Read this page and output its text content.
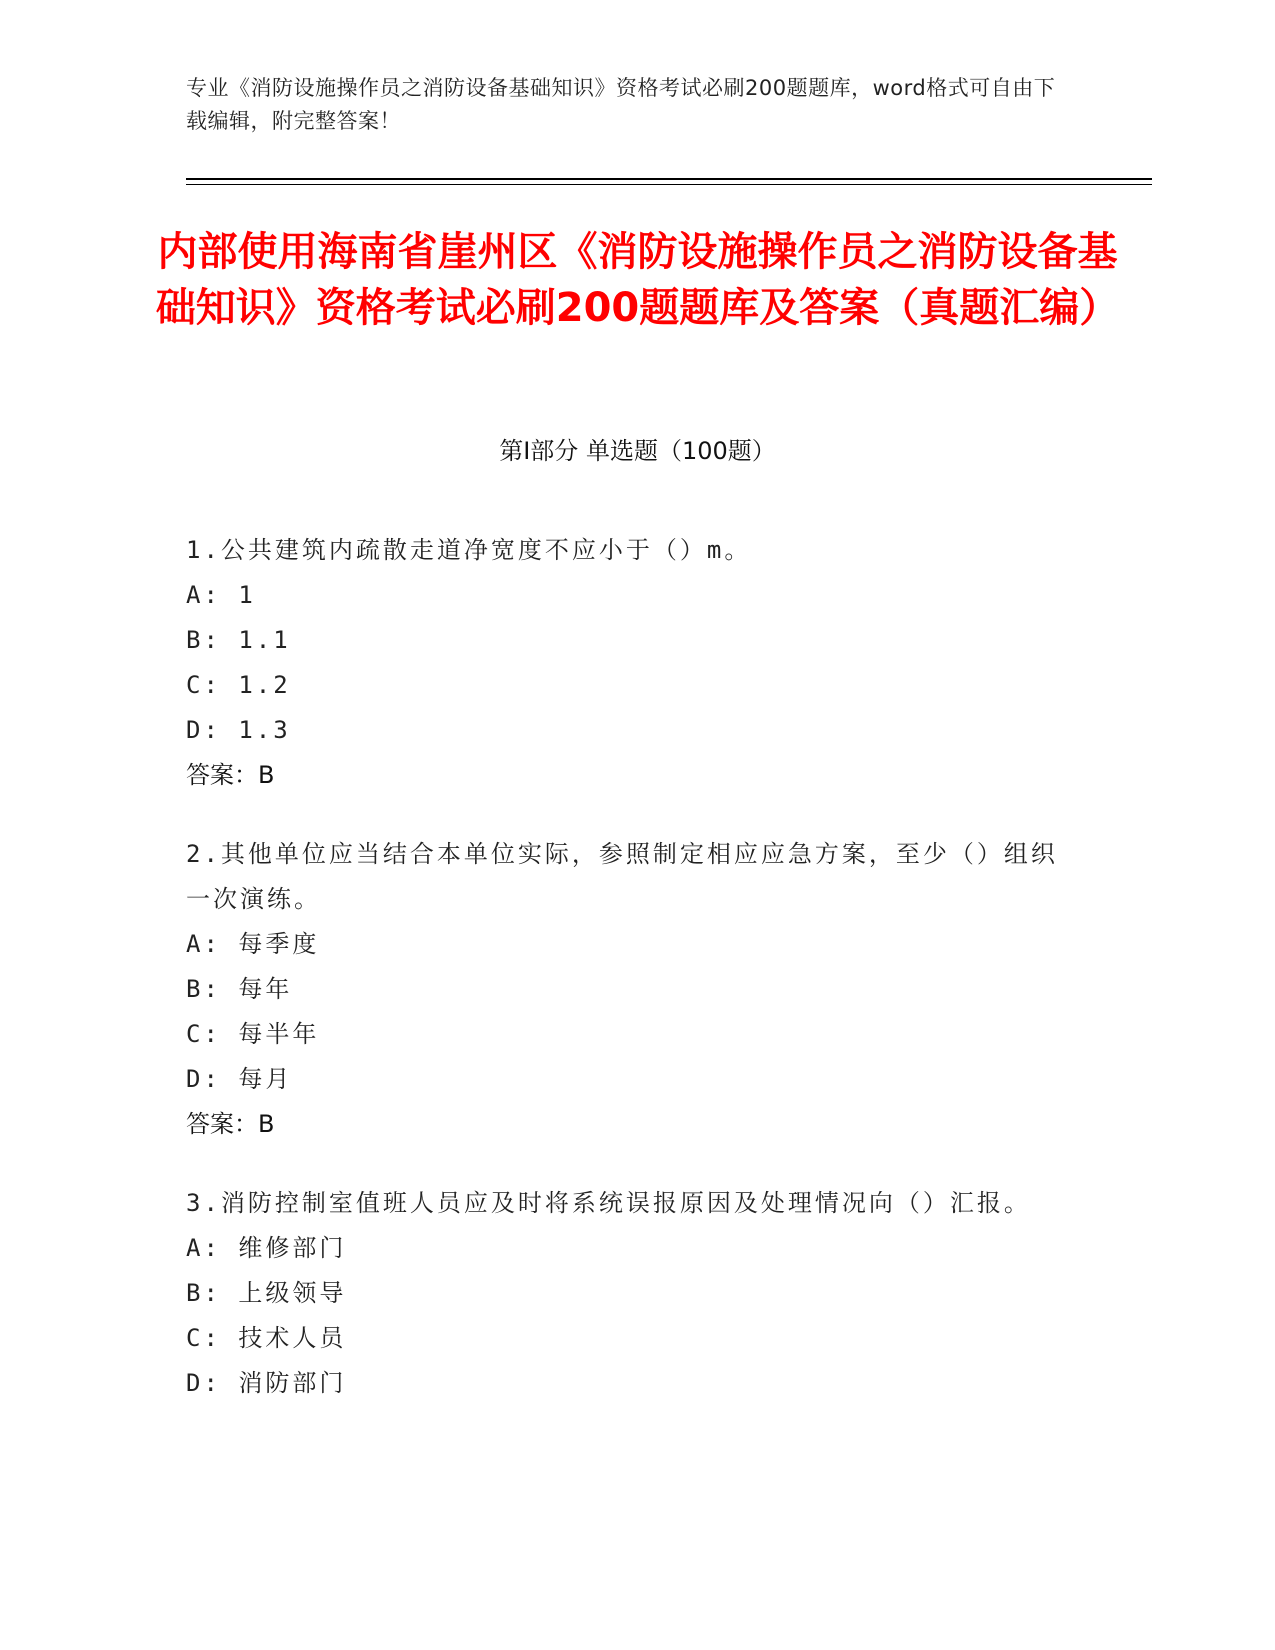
专业《消防设施操作员之消防设备基础知识》资格考试必刷200题题库，word格式可自由下载编辑，附完整答案！
内部使用海南省崖州区《消防设施操作员之消防设备基础知识》资格考试必刷200题题库及答案（真题汇编）
第I部分 单选题（100题）

1.公共建筑内疏散走道净宽度不应小于（）m。

A: 1

B: 1.1

C: 1.2

D: 1.3

答案：B

2.其他单位应当结合本单位实际，参照制定相应应急方案，至少（）组织一次演练。

A: 每季度

B: 每年

C: 每半年

D: 每月

答案：B

3.消防控制室值班人员应及时将系统误报原因及处理情况向（）汇报。

A: 维修部门

B: 上级领导

C: 技术人员

D: 消防部门
